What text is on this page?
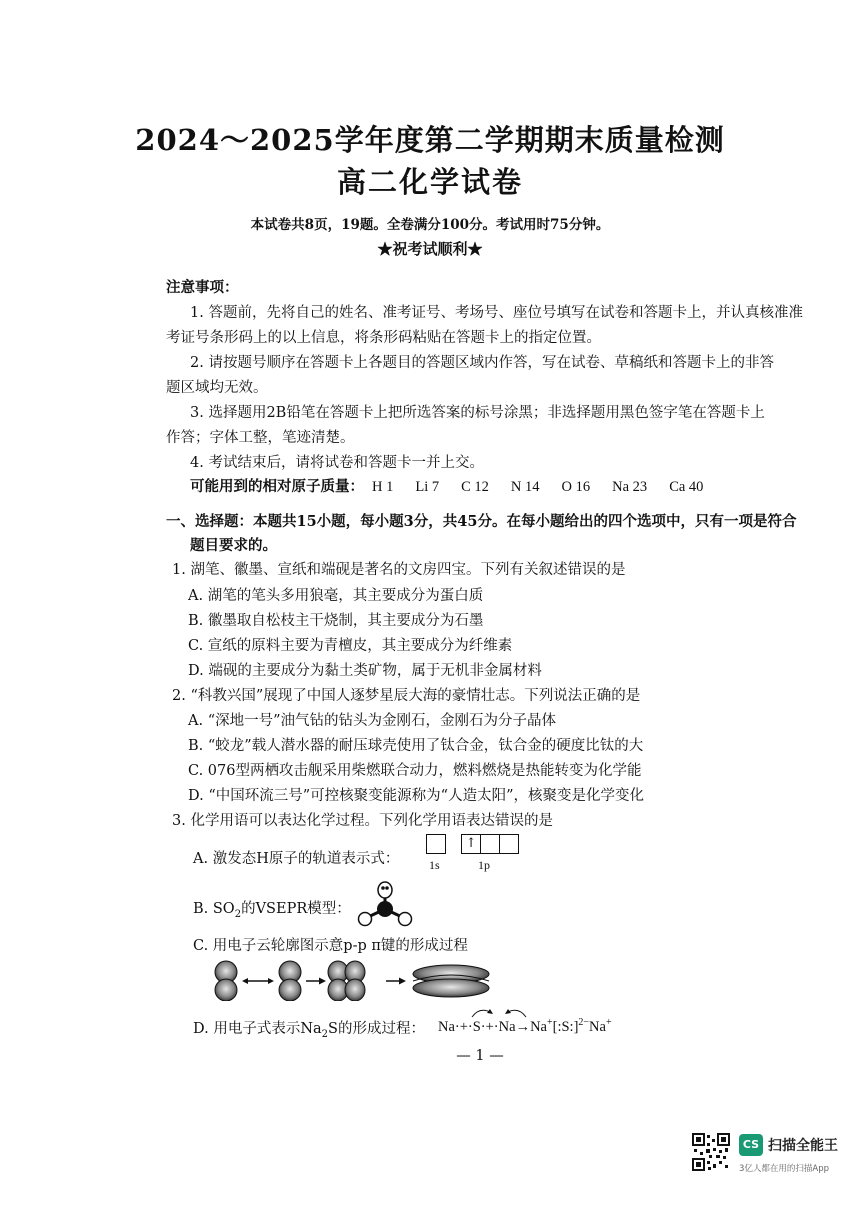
2024～2025学年度第二学期期末质量检测
高二化学试卷
本试卷共8页，19题。全卷满分100分。考试用时75分钟。
★祝考试顺利★
注意事项：
1. 答题前，先将自己的姓名、准考证号、考场号、座位号填写在试卷和答题卡上，并认真核准准
考证号条形码上的以上信息，将条形码粘贴在答题卡上的指定位置。
2. 请按题号顺序在答题卡上各题目的答题区域内作答，写在试卷、草稿纸和答题卡上的非答
题区域均无效。
3. 选择题用2B铅笔在答题卡上把所选答案的标号涂黑；非选择题用黑色签字笔在答题卡上
作答；字体工整，笔迹清楚。
4. 考试结束后，请将试卷和答题卡一并上交。
可能用到的相对原子质量： H 1 Li 7 C 12 N 14 O 16 Na 23 Ca 40
一、选择题：本题共15小题，每小题3分，共45分。在每小题给出的四个选项中，只有一项是符合
题目要求的。
1. 湖笔、徽墨、宣纸和端砚是著名的文房四宝。下列有关叙述错误的是
A. 湖笔的笔头多用狼毫，其主要成分为蛋白质
B. 徽墨取自松枝主干烧制，其主要成分为石墨
C. 宣纸的原料主要为青檀皮，其主要成分为纤维素
D. 端砚的主要成分为黏土类矿物，属于无机非金属材料
2. “科教兴国”展现了中国人逐梦星辰大海的豪情壮志。下列说法正确的是
A. “深地一号”油气钻的钻头为金刚石，金刚石为分子晶体
B. “蛟龙”载人潜水器的耐压球壳使用了钛合金，钛合金的硬度比钛的大
C. 076型两栖攻击舰采用柴燃联合动力，燃料燃烧是热能转变为化学能
D. “中国环流三号”可控核聚变能源称为“人造太阳”，核聚变是化学变化
3. 化学用语可以表达化学过程。下列化学用语表达错误的是
A. 激发态H原子的轨道表示式：
↑
1s	1p
B. $SO_2$的VSEPR模型：
C. 用电子云轮廓图示意p-p π键的形成过程
D. 用电子式表示$Na_2S$的形成过程： Na·+·S·+·Na→Na+[:S:]$^{2-}$Na+
— 1 —
CS 扫描全能王
3亿人都在用的扫描App
